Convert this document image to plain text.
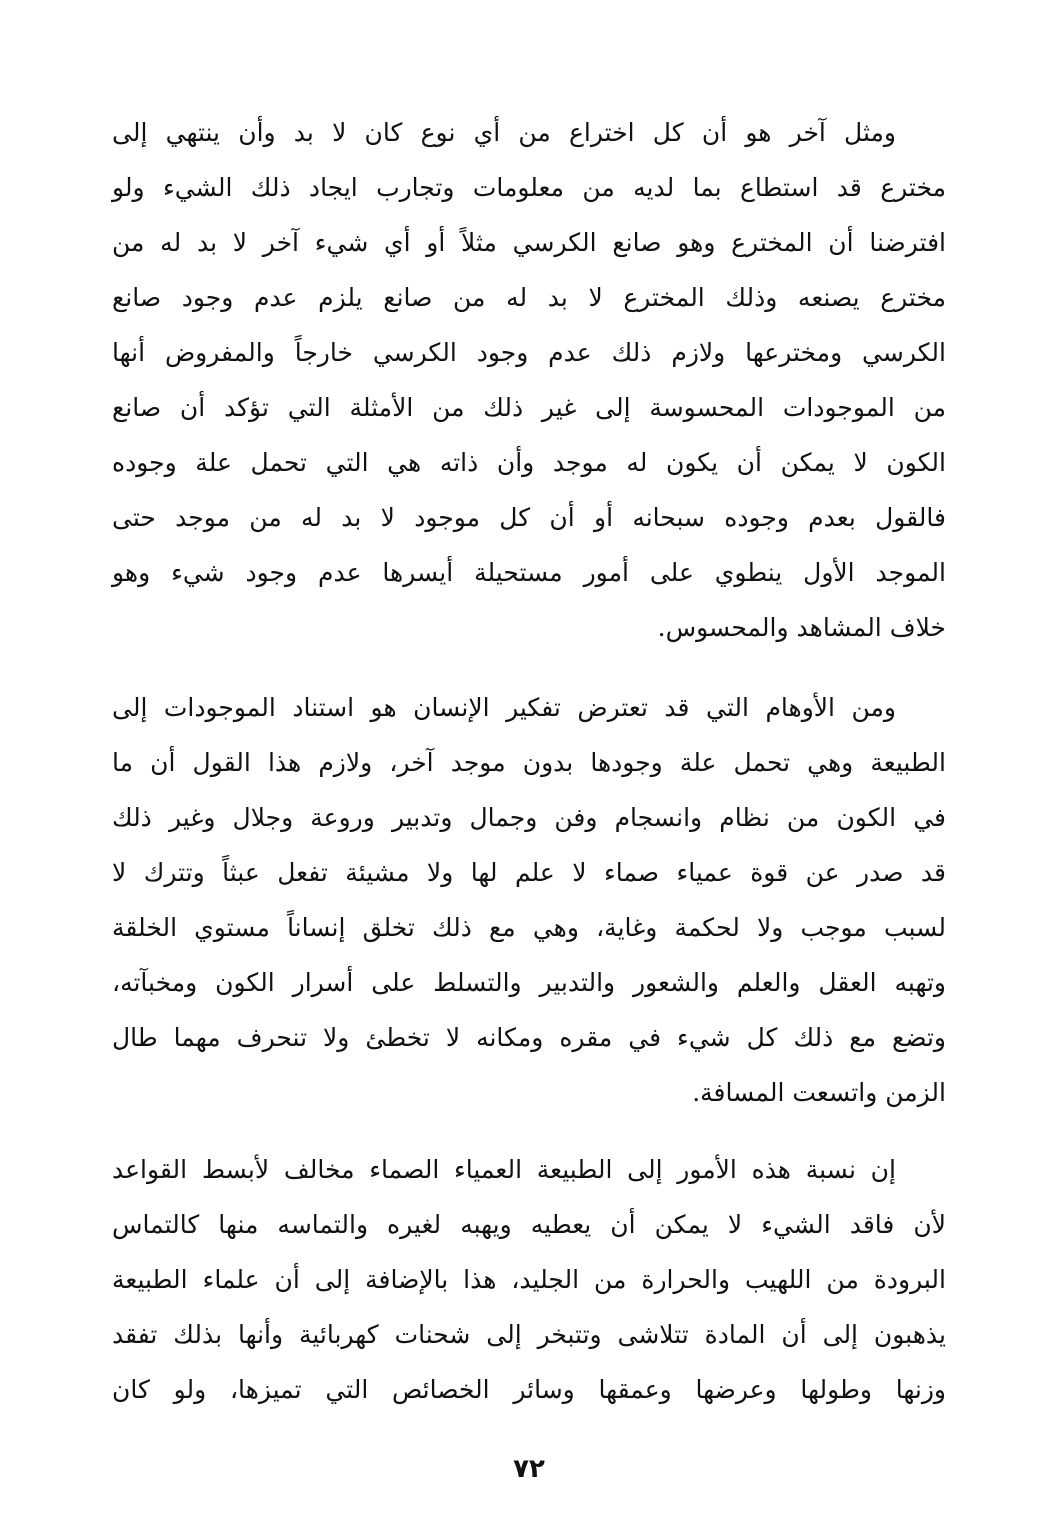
ومثل آخر هو أن كل اختراع من أي نوع كان لا بد وأن ينتهي إلى
مخترع قد استطاع بما لديه من معلومات وتجارب ايجاد ذلك الشيء ولو
افترضنا أن المخترع وهو صانع الكرسي مثلاً أو أي شيء آخر لا بد له من
مخترع يصنعه وذلك المخترع لا بد له من صانع يلزم عدم وجود صانع
الكرسي ومخترعها ولازم ذلك عدم وجود الكرسي خارجاً والمفروض أنها
من الموجودات المحسوسة إلى غير ذلك من الأمثلة التي تؤكد أن صانع
الكون لا يمكن أن يكون له موجد وأن ذاته هي التي تحمل علة وجوده
فالقول بعدم وجوده سبحانه أو أن كل موجود لا بد له من موجد حتى
الموجد الأول ينطوي على أمور مستحيلة أيسرها عدم وجود شيء وهو
خلاف المشاهد والمحسوس.
ومن الأوهام التي قد تعترض تفكير الإنسان هو استناد الموجودات إلى
الطبيعة وهي تحمل علة وجودها بدون موجد آخر، ولازم هذا القول أن ما
في الكون من نظام وانسجام وفن وجمال وتدبير وروعة وجلال وغير ذلك
قد صدر عن قوة عمياء صماء لا علم لها ولا مشيئة تفعل عبثاً وتترك لا
لسبب موجب ولا لحكمة وغاية، وهي مع ذلك تخلق إنساناً مستوي الخلقة
وتهبه العقل والعلم والشعور والتدبير والتسلط على أسرار الكون ومخبآته،
وتضع مع ذلك كل شيء في مقره ومكانه لا تخطئ ولا تنحرف مهما طال
الزمن واتسعت المسافة.
إن نسبة هذه الأمور إلى الطبيعة العمياء الصماء مخالف لأبسط القواعد
لأن فاقد الشيء لا يمكن أن يعطيه ويهبه لغيره والتماسه منها كالتماس
البرودة من اللهيب والحرارة من الجليد، هذا بالإضافة إلى أن علماء الطبيعة
يذهبون إلى أن المادة تتلاشى وتتبخر إلى شحنات كهربائية وأنها بذلك تفقد
وزنها وطولها وعرضها وعمقها وسائر الخصائص التي تميزها، ولو كان
٧٢
